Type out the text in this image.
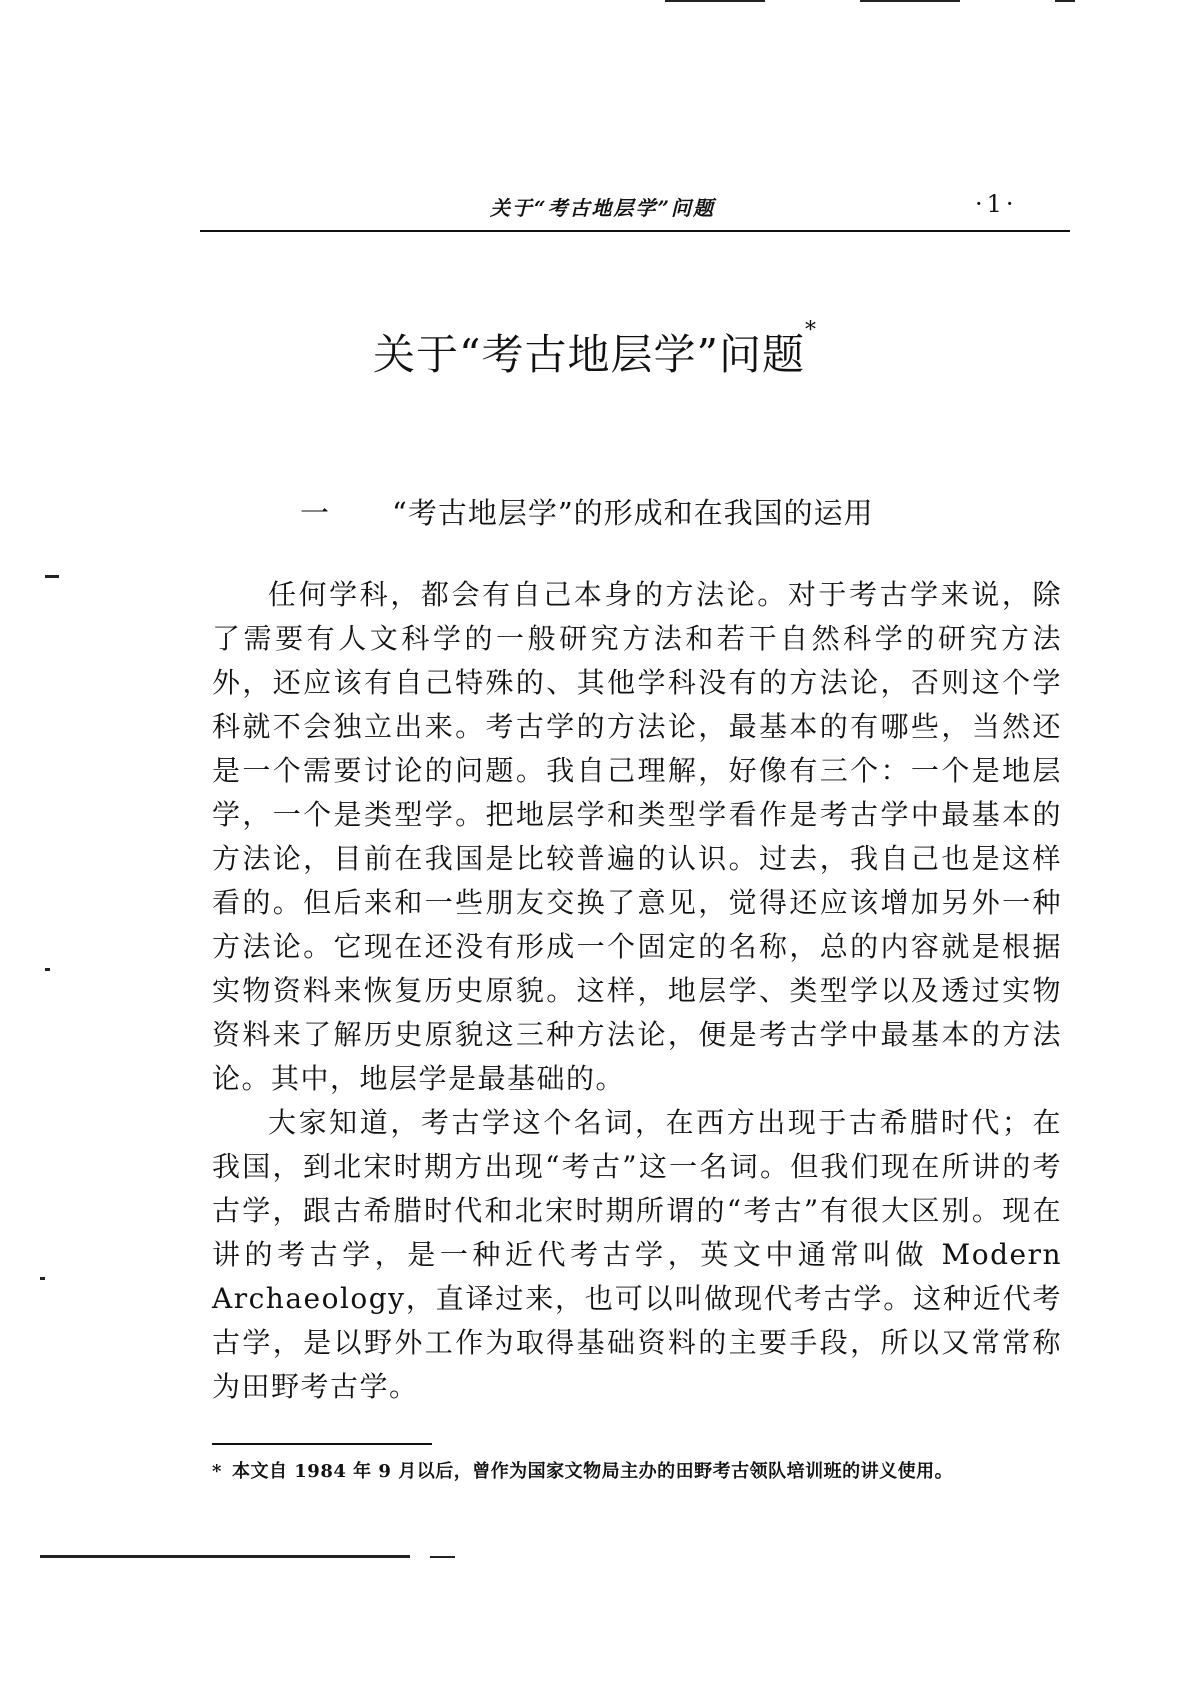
关于“考古地层学”问题	·1·
关于“考古地层学”问题*
一 “考古地层学”的形成和在我国的运用

任何学科，都会有自己本身的方法论。对于考古学来说，除了需要有人文科学的一般研究方法和若干自然科学的研究方法外，还应该有自己特殊的、其他学科没有的方法论，否则这个学科就不会独立出来。考古学的方法论，最基本的有哪些，当然还是一个需要讨论的问题。我自己理解，好像有三个：一个是地层学，一个是类型学。把地层学和类型学看作是考古学中最基本的方法论，目前在我国是比较普遍的认识。过去，我自己也是这样看的。但后来和一些朋友交换了意见，觉得还应该增加另外一种方法论。它现在还没有形成一个固定的名称，总的内容就是根据实物资料来恢复历史原貌。这样，地层学、类型学以及透过实物资料来了解历史原貌这三种方法论，便是考古学中最基本的方法论。其中，地层学是最基础的。

大家知道，考古学这个名词，在西方出现于古希腊时代；在我国，到北宋时期方出现“考古”这一名词。但我们现在所讲的考古学，跟古希腊时代和北宋时期所谓的“考古”有很大区别。现在讲的考古学，是一种近代考古学，英文中通常叫做 Modern Archaeology，直译过来，也可以叫做现代考古学。这种近代考古学，是以野外工作为取得基础资料的主要手段，所以又常常称为田野考古学。

* 本文自 1984 年 9 月以后，曾作为国家文物局主办的田野考古领队培训班的讲义使用。
